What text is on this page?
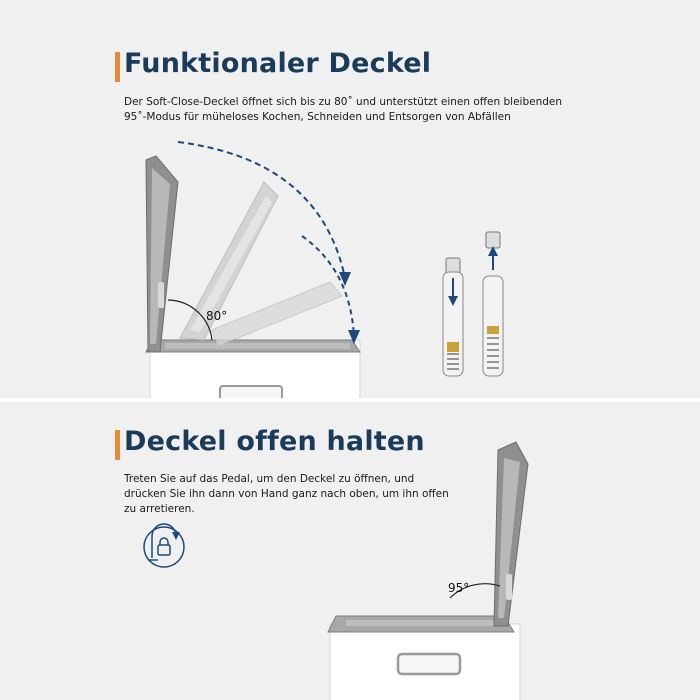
Funktionaler Deckel

Der Soft-Close-Deckel öffnet sich bis zu 80˚ und unterstützt einen offen bleibenden

95˚-Modus für müheloses Kochen, Schneiden und Entsorgen von Abfällen

80°
Deckel offen halten

Treten Sie auf das Pedal, um den Deckel zu öffnen, und

drücken Sie ihn dann von Hand ganz nach oben, um ihn offen

zu arretieren.

95°
